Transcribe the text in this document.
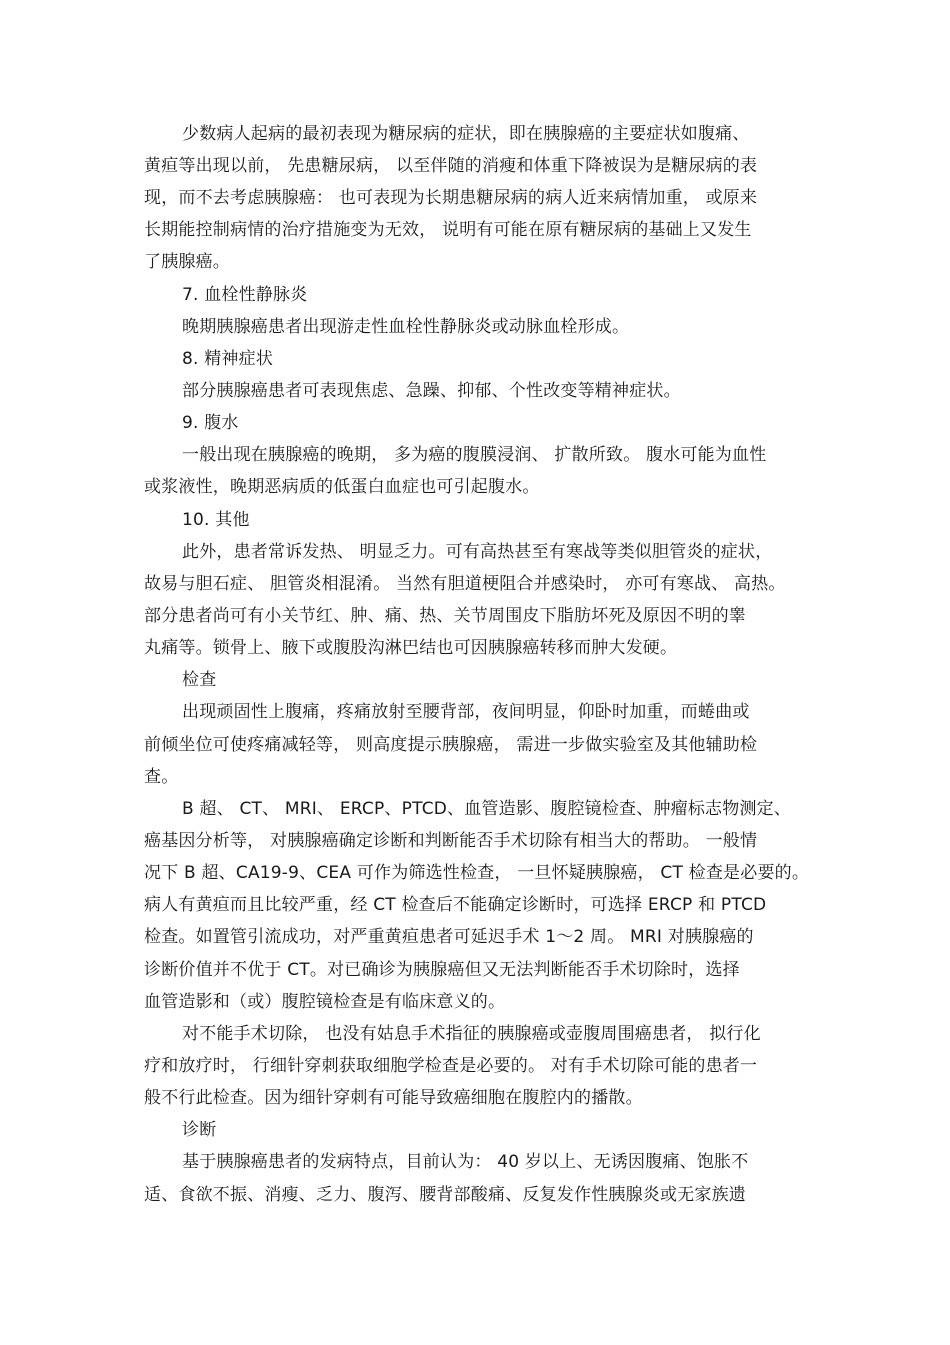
少数病人起病的最初表现为糖尿病的症状，即在胰腺癌的主要症状如腹痛、
黄疸等出现以前， 先患糖尿病， 以至伴随的消瘦和体重下降被误为是糖尿病的表
现，而不去考虑胰腺癌： 也可表现为长期患糖尿病的病人近来病情加重， 或原来
长期能控制病情的治疗措施变为无效， 说明有可能在原有糖尿病的基础上又发生
了胰腺癌。
7. 血栓性静脉炎
晚期胰腺癌患者出现游走性血栓性静脉炎或动脉血栓形成。
8. 精神症状
部分胰腺癌患者可表现焦虑、急躁、抑郁、个性改变等精神症状。
9. 腹水
一般出现在胰腺癌的晚期， 多为癌的腹膜浸润、 扩散所致。 腹水可能为血性
或浆液性，晚期恶病质的低蛋白血症也可引起腹水。
10. 其他
此外，患者常诉发热、 明显乏力。可有高热甚至有寒战等类似胆管炎的症状，
故易与胆石症、 胆管炎相混淆。 当然有胆道梗阻合并感染时， 亦可有寒战、 高热。
部分患者尚可有小关节红、肿、痛、热、关节周围皮下脂肪坏死及原因不明的睾
丸痛等。锁骨上、腋下或腹股沟淋巴结也可因胰腺癌转移而肿大发硬。
检查
出现顽固性上腹痛，疼痛放射至腰背部，夜间明显，仰卧时加重，而蜷曲或
前倾坐位可使疼痛减轻等， 则高度提示胰腺癌， 需进一步做实验室及其他辅助检
查。
B 超、 CT、 MRI、 ERCP、PTCD、血管造影、腹腔镜检查、肿瘤标志物测定、
癌基因分析等， 对胰腺癌确定诊断和判断能否手术切除有相当大的帮助。 一般情
况下 B 超、CA19-9、CEA 可作为筛选性检查， 一旦怀疑胰腺癌， CT 检查是必要的。
病人有黄疸而且比较严重，经 CT 检查后不能确定诊断时，可选择 ERCP 和 PTCD
检查。如置管引流成功，对严重黄疸患者可延迟手术 1～2 周。 MRI 对胰腺癌的
诊断价值并不优于 CT。对已确诊为胰腺癌但又无法判断能否手术切除时，选择
血管造影和（或）腹腔镜检查是有临床意义的。
对不能手术切除， 也没有姑息手术指征的胰腺癌或壶腹周围癌患者， 拟行化
疗和放疗时， 行细针穿刺获取细胞学检查是必要的。 对有手术切除可能的患者一
般不行此检查。因为细针穿刺有可能导致癌细胞在腹腔内的播散。
诊断
基于胰腺癌患者的发病特点，目前认为： 40 岁以上、无诱因腹痛、饱胀不
适、食欲不振、消瘦、乏力、腹泻、腰背部酸痛、反复发作性胰腺炎或无家族遗
